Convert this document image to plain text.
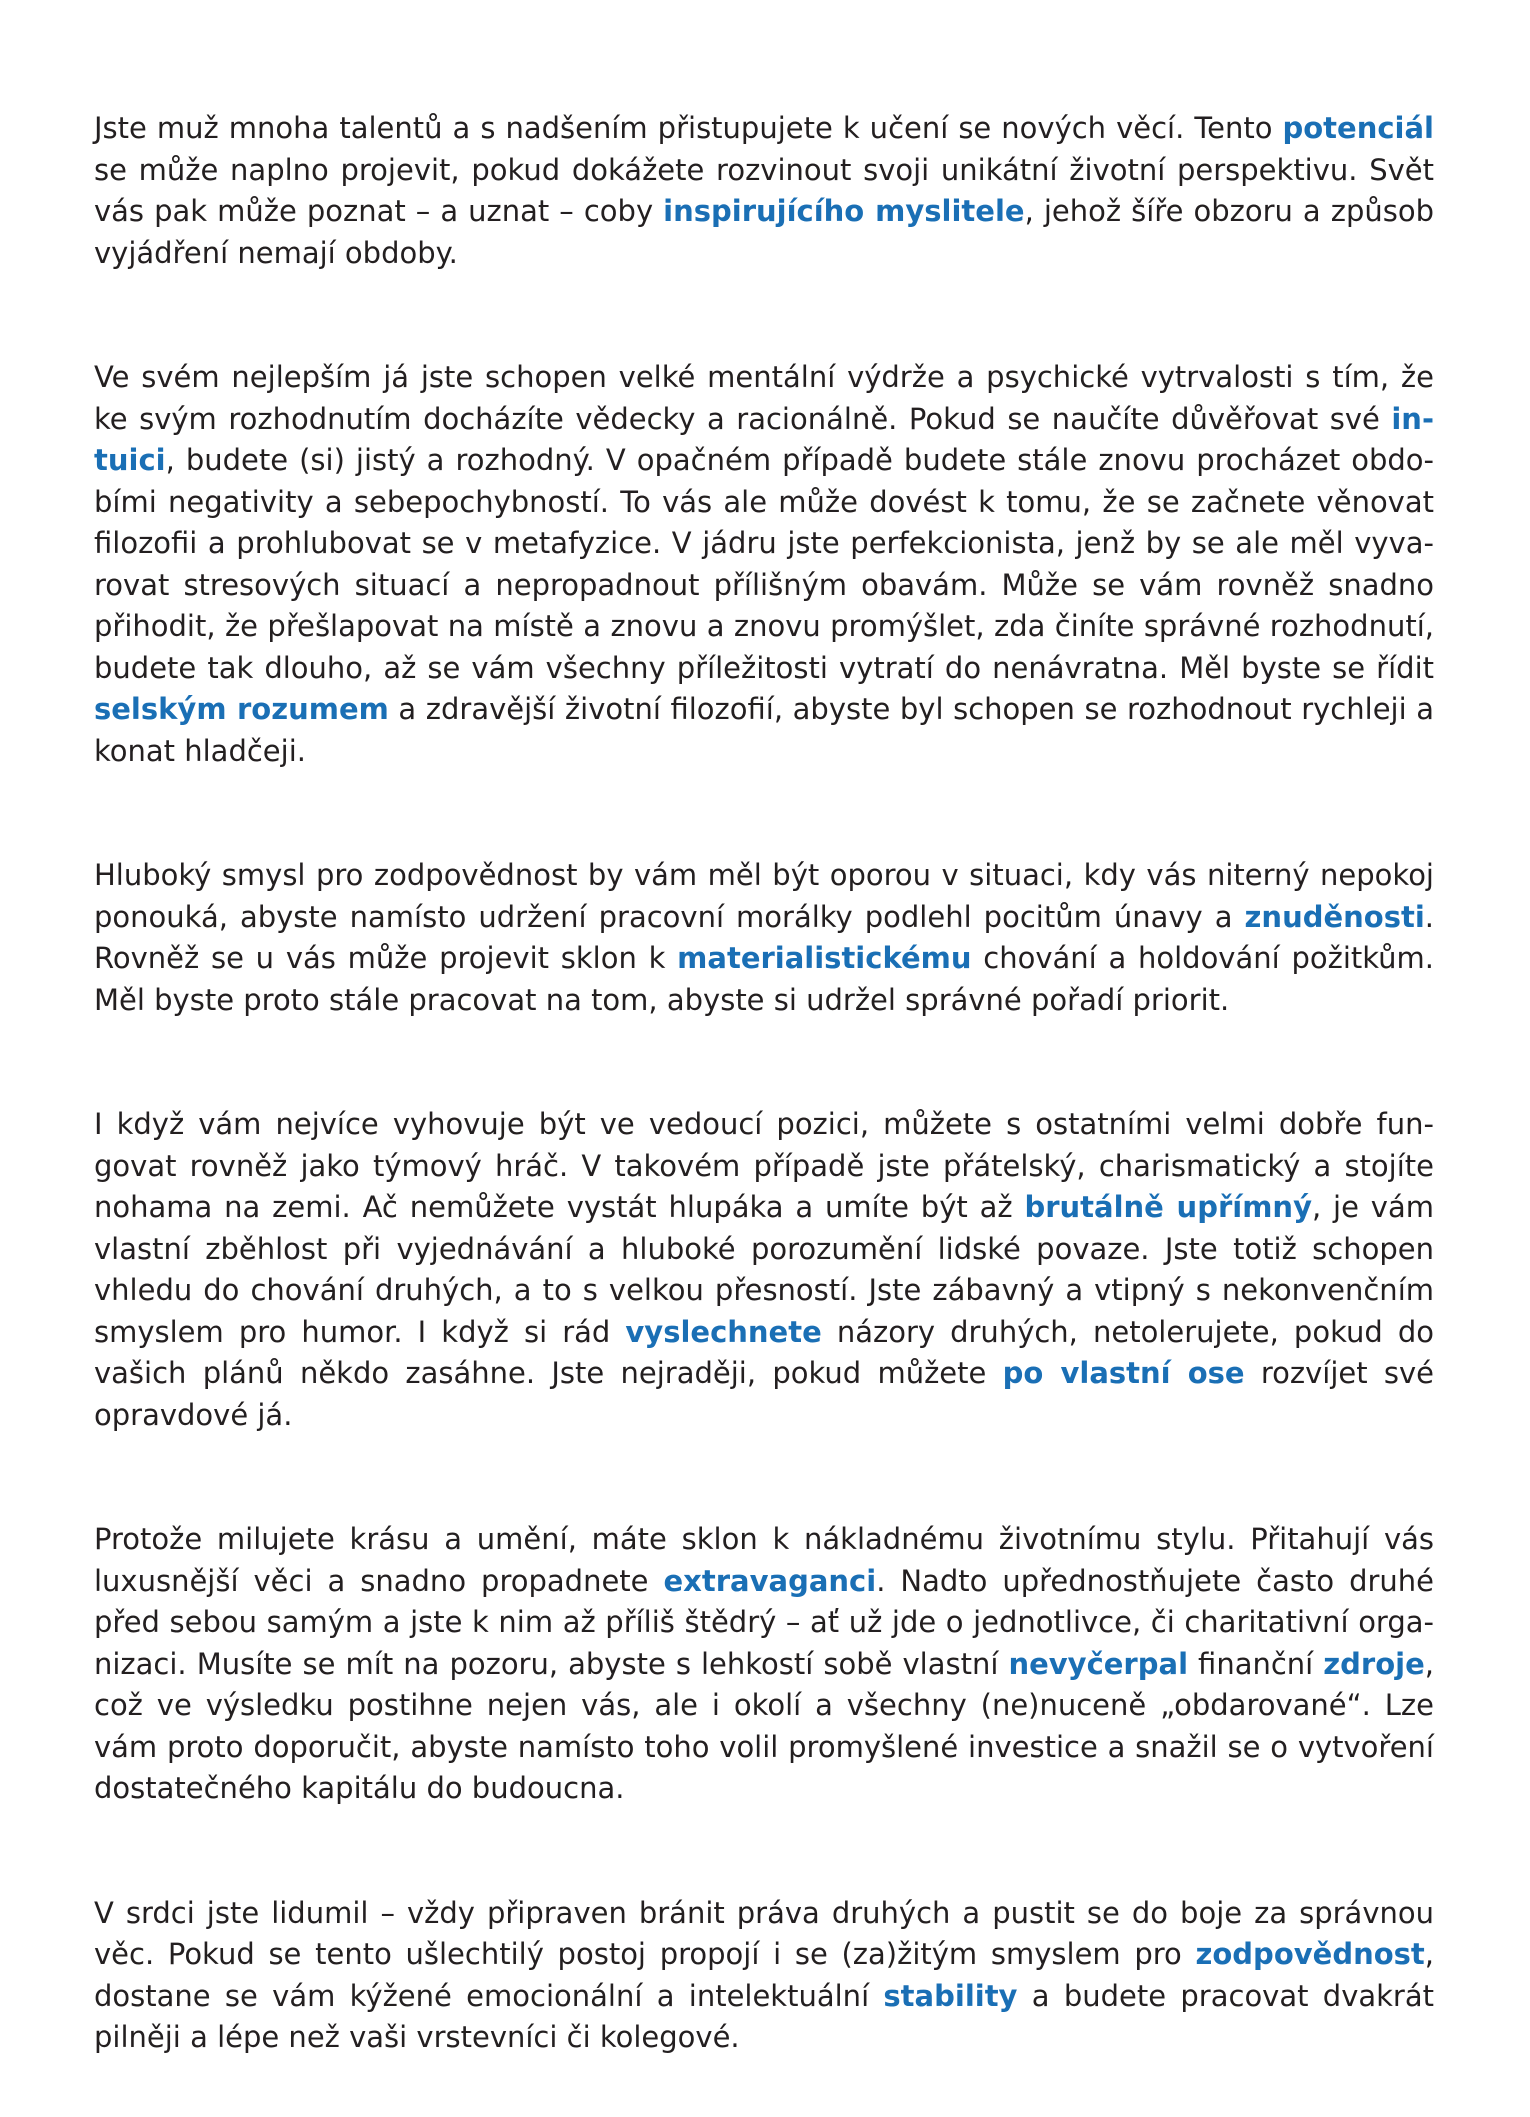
Jste muž mnoha talentů a s nadšením přistupujete k učení se nových věcí. Tento potenciál se může naplno projevit, pokud dokážete rozvinout svoji unikátní životní perspektivu. Svět vás pak může poznat – a uznat – coby inspirujícího myslitele, jehož šíře obzoru a způsob vyjádření nemají obdoby.

Ve svém nejlepším já jste schopen velké mentální výdrže a psychické vytrvalosti s tím, že ke svým rozhodnutím docházíte vědecky a racionálně. Pokud se naučíte důvěřovat své intuici, budete (si) jistý a rozhodný. V opačném případě budete stále znovu procházet obdobími negativity a sebepochybností. To vás ale může dovést k tomu, že se začnete věnovat filozofii a prohlubovat se v metafyzice. V jádru jste perfekcionista, jenž by se ale měl vyvarovat stresových situací a nepropadnout přílišným obavám. Může se vám rovněž snadno přihodit, že přešlapovat na místě a znovu a znovu promýšlet, zda činíte správné rozhodnutí, budete tak dlouho, až se vám všechny příležitosti vytratí do nenávratna. Měl byste se řídit selským rozumem a zdravější životní filozofií, abyste byl schopen se rozhodnout rychleji a konat hladčeji.

Hluboký smysl pro zodpovědnost by vám měl být oporou v situaci, kdy vás niterný nepokoj ponouká, abyste namísto udržení pracovní morálky podlehl pocitům únavy a znuděnosti. Rovněž se u vás může projevit sklon k materialistickému chování a holdování požitkům. Měl byste proto stále pracovat na tom, abyste si udržel správné pořadí priorit.

I když vám nejvíce vyhovuje být ve vedoucí pozici, můžete s ostatními velmi dobře fungovat rovněž jako týmový hráč. V takovém případě jste přátelský, charismatický a stojíte nohama na zemi. Ač nemůžete vystát hlupáka a umíte být až brutálně upřímný, je vám vlastní zběhlost při vyjednávání a hluboké porozumění lidské povaze. Jste totiž schopen vhledu do chování druhých, a to s velkou přesností. Jste zábavný a vtipný s nekonvenčním smyslem pro humor. I když si rád vyslechnete názory druhých, netolerujete, pokud do vašich plánů někdo zasáhne. Jste nejraději, pokud můžete po vlastní ose rozvíjet své opravdové já.

Protože milujete krásu a umění, máte sklon k nákladnému životnímu stylu. Přitahují vás luxusnější věci a snadno propadnete extravaganci. Nadto upřednostňujete často druhé před sebou samým a jste k nim až příliš štědrý – ať už jde o jednotlivce, či charitativní organizaci. Musíte se mít na pozoru, abyste s lehkostí sobě vlastní nevyčerpal finanční zdroje, což ve výsledku postihne nejen vás, ale i okolí a všechny (ne)nuceně „obdarované“. Lze vám proto doporučit, abyste namísto toho volil promyšlené investice a snažil se o vytvoření dostatečného kapitálu do budoucna.

V srdci jste lidumil – vždy připraven bránit práva druhých a pustit se do boje za správnou věc. Pokud se tento ušlechtilý postoj propojí i se (za)žitým smyslem pro zodpovědnost, dostane se vám kýžené emocionální a intelektuální stability a budete pracovat dvakrát pilněji a lépe než vaši vrstevníci či kolegové.
